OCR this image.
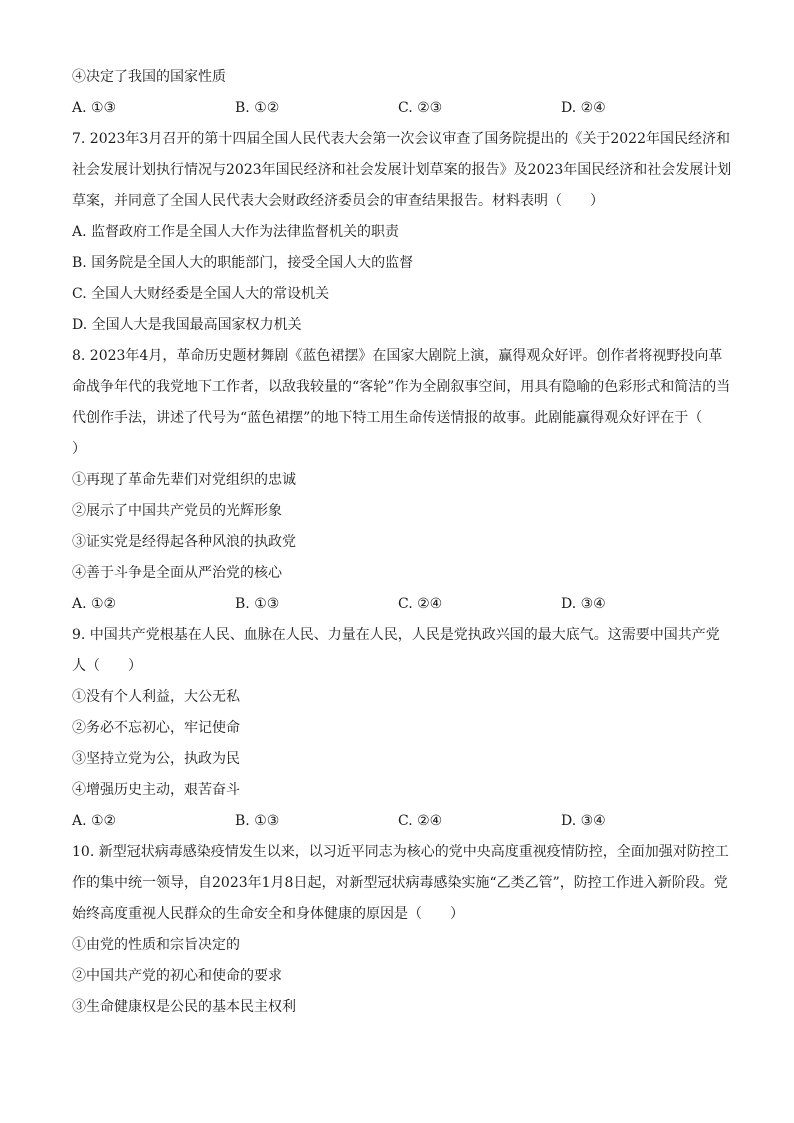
④决定了我国的国家性质
A. ①③	B. ①②	C. ②③	D. ②④
7. 2023年3月召开的第十四届全国人民代表大会第一次会议审查了国务院提出的《关于2022年国民经济和社会发展计划执行情况与2023年国民经济和社会发展计划草案的报告》及2023年国民经济和社会发展计划草案，并同意了全国人民代表大会财政经济委员会的审查结果报告。材料表明（　　）
A. 监督政府工作是全国人大作为法律监督机关的职责
B. 国务院是全国人大的职能部门，接受全国人大的监督
C. 全国人大财经委是全国人大的常设机关
D. 全国人大是我国最高国家权力机关
8. 2023年4月，革命历史题材舞剧《蓝色裙摆》在国家大剧院上演，赢得观众好评。创作者将视野投向革命战争年代的我党地下工作者，以敌我较量的“客轮”作为全剧叙事空间，用具有隐喻的色彩形式和简洁的当代创作手法，讲述了代号为“蓝色裙摆”的地下特工用生命传送情报的故事。此剧能赢得观众好评在于（　　）
①再现了革命先辈们对党组织的忠诚
②展示了中国共产党员的光辉形象
③证实党是经得起各种风浪的执政党
④善于斗争是全面从严治党的核心
A. ①②	B. ①③	C. ②④	D. ③④
9. 中国共产党根基在人民、血脉在人民、力量在人民，人民是党执政兴国的最大底气。这需要中国共产党人（　　）
①没有个人利益，大公无私
②务必不忘初心，牢记使命
③坚持立党为公，执政为民
④增强历史主动，艰苦奋斗
A. ①②	B. ①③	C. ②④	D. ③④
10. 新型冠状病毒感染疫情发生以来，以习近平同志为核心的党中央高度重视疫情防控，全面加强对防控工作的集中统一领导，自2023年1月8日起，对新型冠状病毒感染实施“乙类乙管”，防控工作进入新阶段。党始终高度重视人民群众的生命安全和身体健康的原因是（　　）
①由党的性质和宗旨决定的
②中国共产党的初心和使命的要求
③生命健康权是公民的基本民主权利
